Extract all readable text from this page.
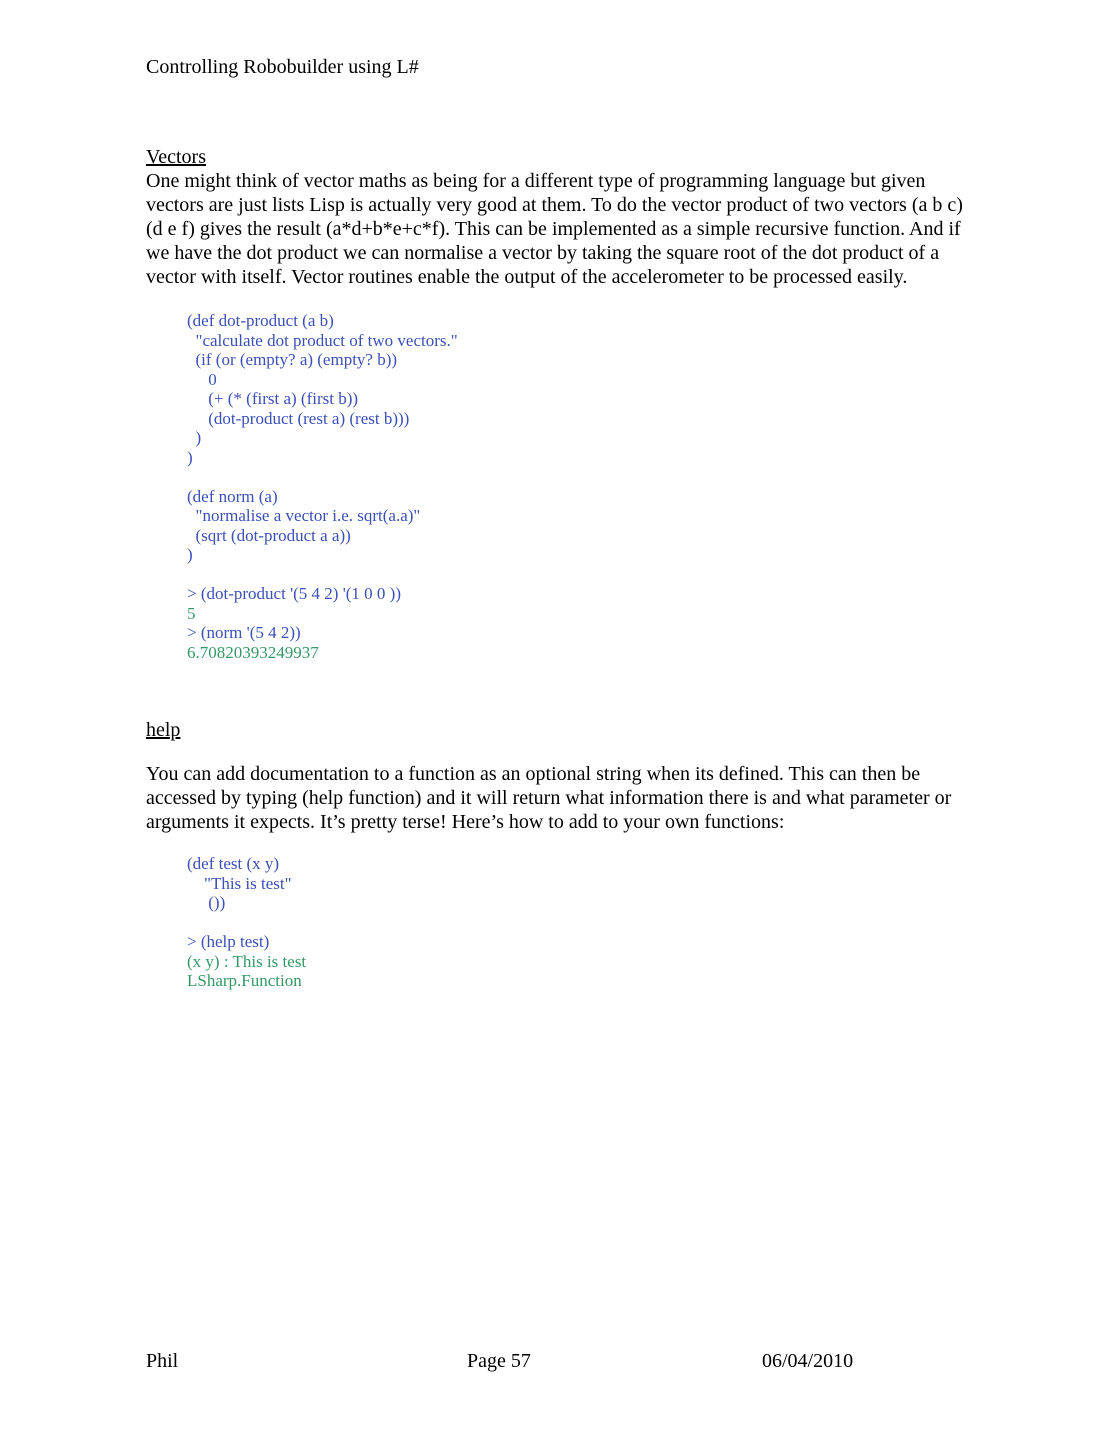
Controlling Robobuilder using L#
Vectors

One might think of vector maths as being for a different type of programming language but given vectors are just lists Lisp is actually very good at them. To do the vector product of two vectors (a b c) (d e f) gives the result (a*d+b*e+c*f). This can be implemented as a simple recursive function. And if we have the dot product we can normalise a vector by taking the square root of the dot product of a vector with itself. Vector routines enable the output of the accelerometer to be processed easily.

(def dot-product (a b)
"calculate dot product of two vectors."
(if (or (empty? a) (empty? b))
0
(+ (* (first a) (first b))
(dot-product (rest a) (rest b)))
)
)

(def norm (a)
"normalise a vector i.e. sqrt(a.a)"
(sqrt (dot-product a a))
)

> (dot-product '(5 4 2) '(1 0 0 ))
5
> (norm '(5 4 2))
6.70820393249937
help

You can add documentation to a function as an optional string when its defined. This can then be accessed by typing (help function) and it will return what information there is and what parameter or arguments it expects. It’s pretty terse! Here’s how to add to your own functions:

(def test (x y)
"This is test"
())

> (help test)
(x y) : This is test
LSharp.Function
Phil	Page 57	06/04/2010
